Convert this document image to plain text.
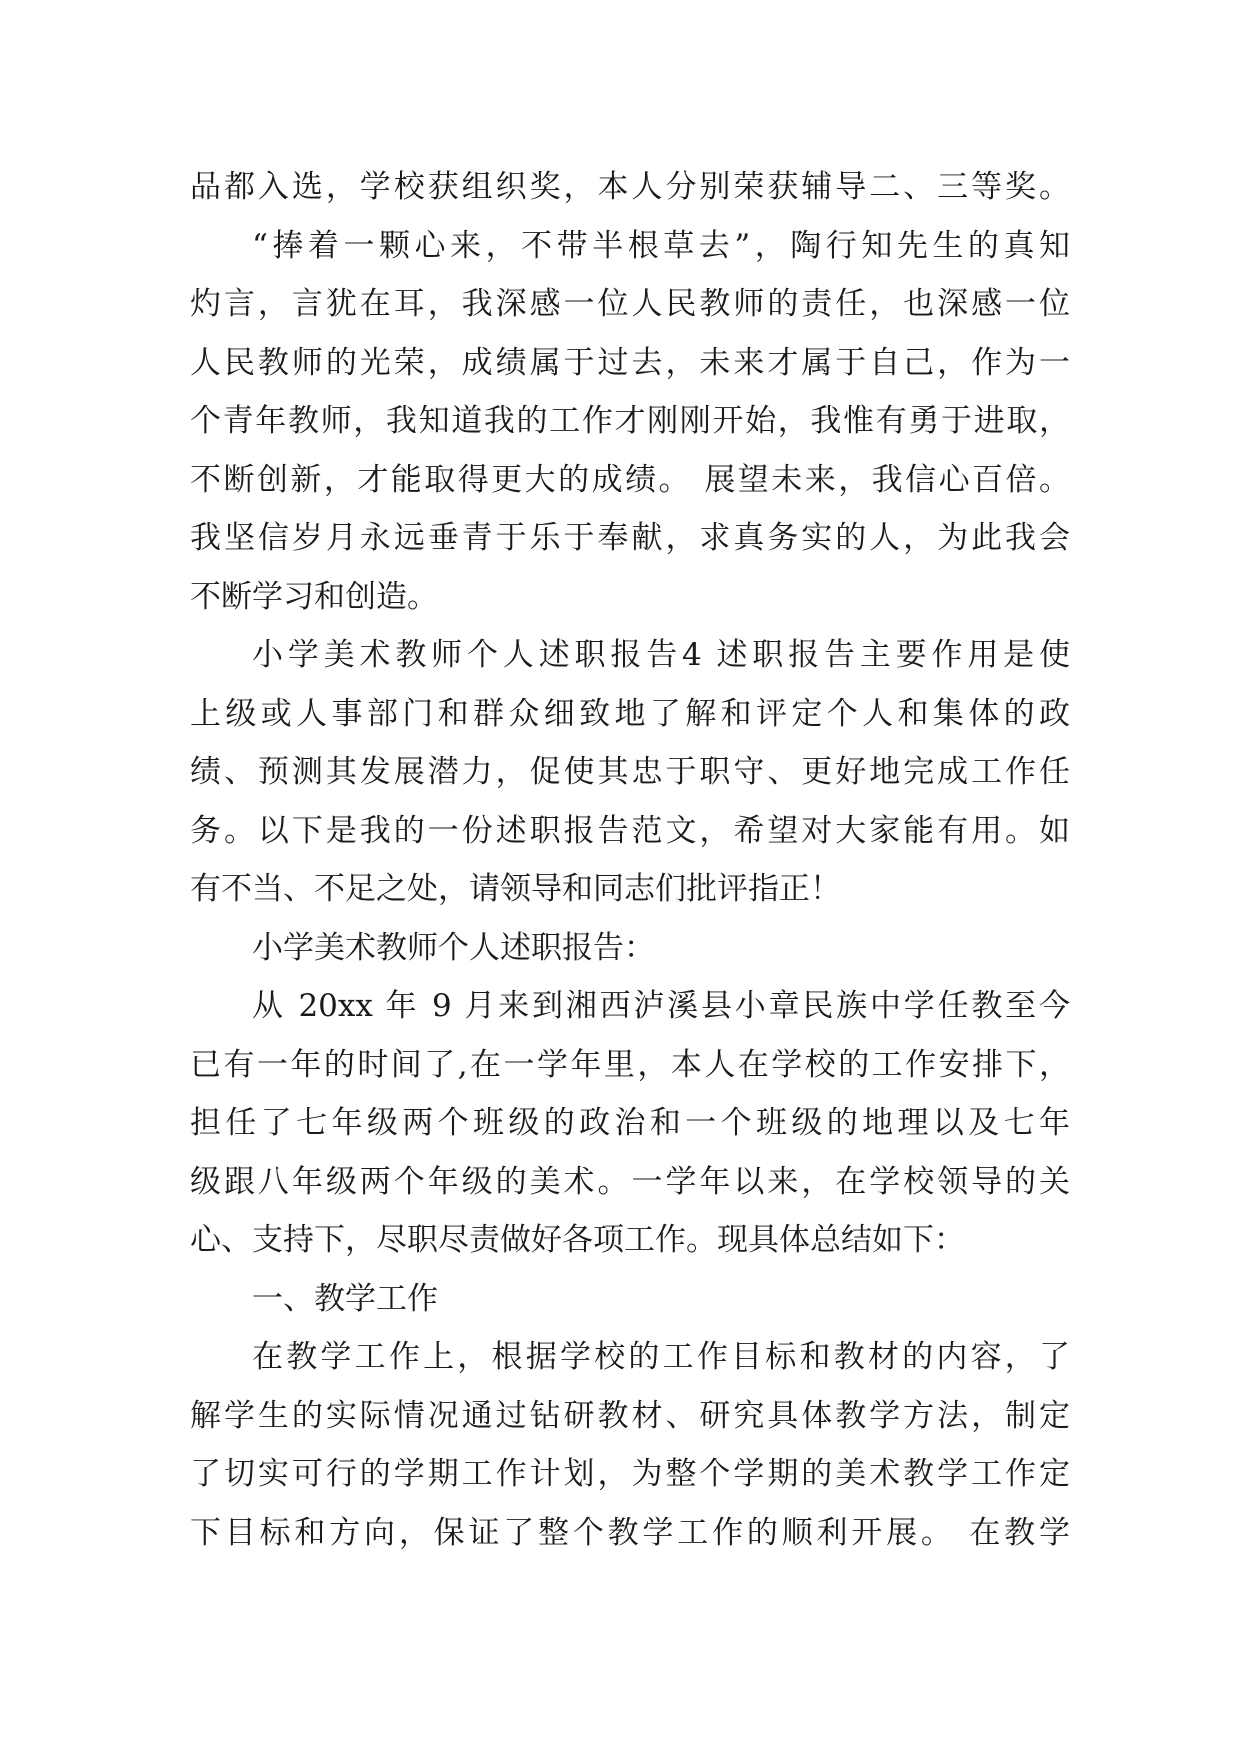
品都入选，学校获组织奖，本人分别荣获辅导二、三等奖。
“捧着一颗心来，不带半根草去”，陶行知先生的真知
灼言，言犹在耳，我深感一位人民教师的责任，也深感一位
人民教师的光荣，成绩属于过去，未来才属于自己，作为一
个青年教师，我知道我的工作才刚刚开始，我惟有勇于进取，
不断创新，才能取得更大的成绩。 展望未来，我信心百倍。
我坚信岁月永远垂青于乐于奉献，求真务实的人，为此我会
不断学习和创造。
小学美术教师个人述职报告4 述职报告主要作用是使
上级或人事部门和群众细致地了解和评定个人和集体的政
绩、预测其发展潜力，促使其忠于职守、更好地完成工作任
务。以下是我的一份述职报告范文，希望对大家能有用。如
有不当、不足之处，请领导和同志们批评指正！
小学美术教师个人述职报告：
从 20xx 年 9 月来到湘西泸溪县小章民族中学任教至今
已有一年的时间了,在一学年里，本人在学校的工作安排下，
担任了七年级两个班级的政治和一个班级的地理以及七年
级跟八年级两个年级的美术。一学年以来，在学校领导的关
心、支持下，尽职尽责做好各项工作。现具体总结如下：
一、教学工作
在教学工作上，根据学校的工作目标和教材的内容，了
解学生的实际情况通过钻研教材、研究具体教学方法，制定
了切实可行的学期工作计划，为整个学期的美术教学工作定
下目标和方向，保证了整个教学工作的顺利开展。 在教学
